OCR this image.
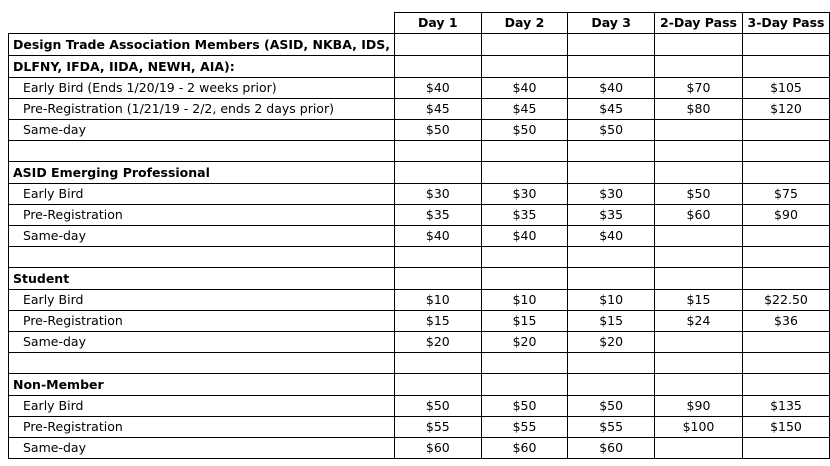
	Day 1	Day 2	Day 3	2-Day Pass	3-Day Pass
Design Trade Association Members (ASID, NKBA, IDS,					
DLFNY, IFDA, IIDA, NEWH, AIA):					
Early Bird (Ends 1/20/19 - 2 weeks prior)	$40	$40	$40	$70	$105
Pre-Registration (1/21/19 - 2/2, ends 2 days prior)	$45	$45	$45	$80	$120
Same-day	$50	$50	$50		

ASID Emerging Professional					
Early Bird	$30	$30	$30	$50	$75
Pre-Registration	$35	$35	$35	$60	$90
Same-day	$40	$40	$40		

Student					
Early Bird	$10	$10	$10	$15	$22.50
Pre-Registration	$15	$15	$15	$24	$36
Same-day	$20	$20	$20		

Non-Member					
Early Bird	$50	$50	$50	$90	$135
Pre-Registration	$55	$55	$55	$100	$150
Same-day	$60	$60	$60		
